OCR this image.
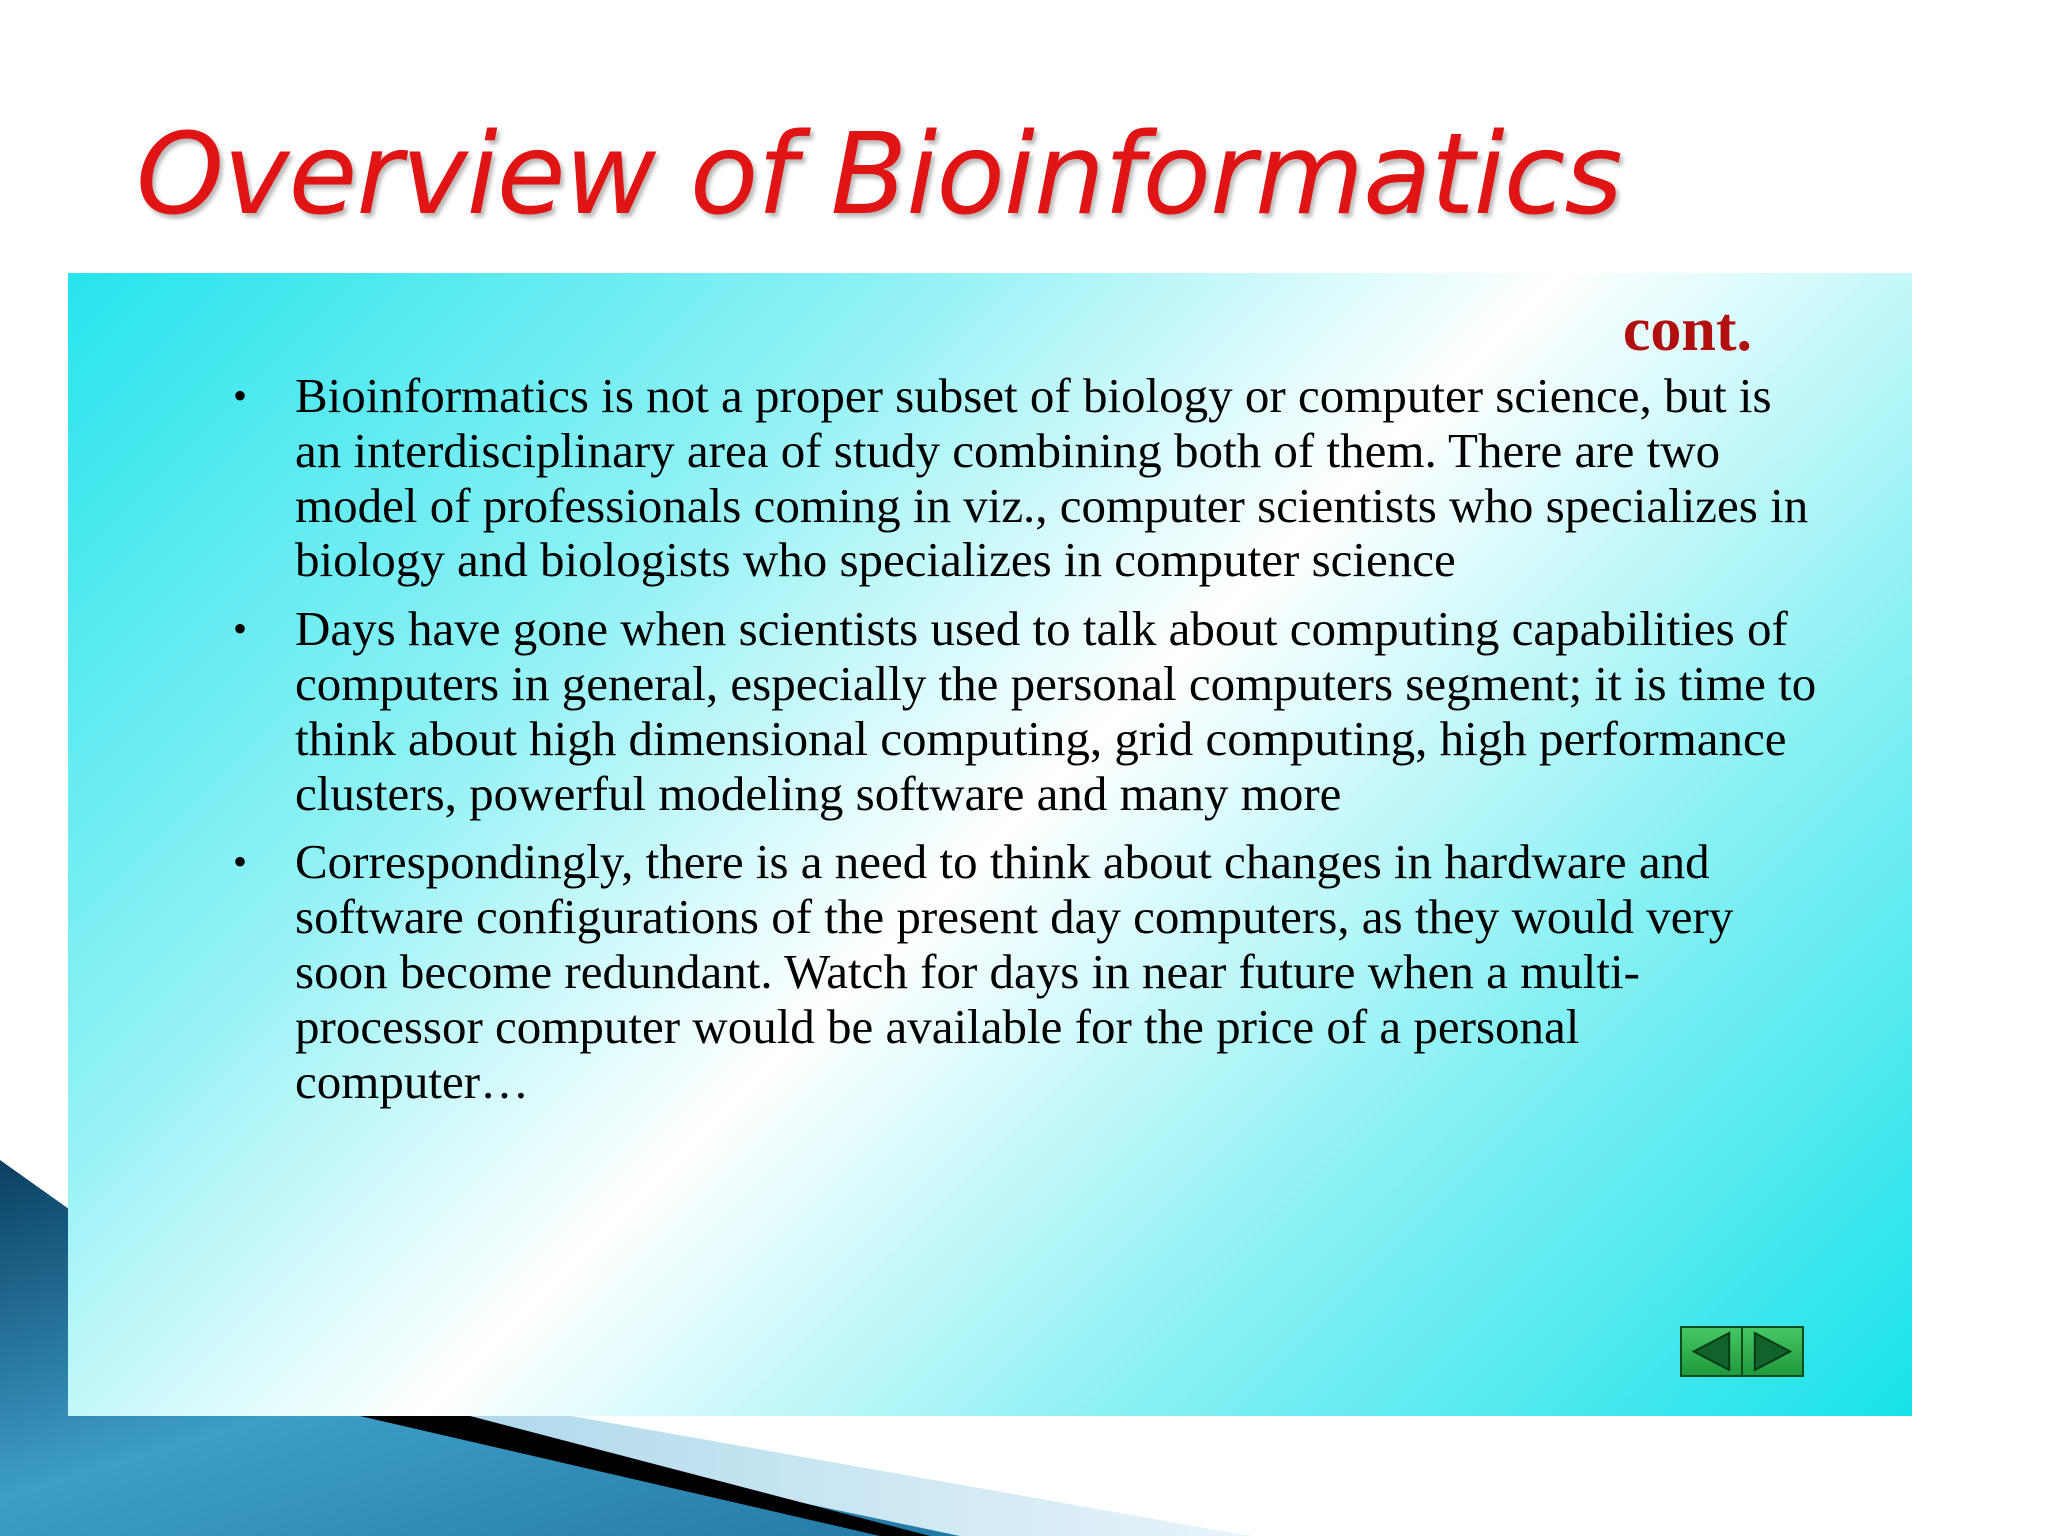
Overview of Bioinformatics
cont.
• Bioinformatics is not a proper subset of biology or computer science, but is an interdisciplinary area of study combining both of them. There are two model of professionals coming in viz., computer scientists who specializes in biology and biologists who specializes in computer science
• Days have gone when scientists used to talk about computing capabilities of computers in general, especially the personal computers segment; it is time to think about high dimensional computing, grid computing, high performance clusters, powerful modeling software and many more
• Correspondingly, there is a need to think about changes in hardware and software configurations of the present day computers, as they would very soon become redundant. Watch for days in near future when a multi-processor computer would be available for the price of a personal computer…
